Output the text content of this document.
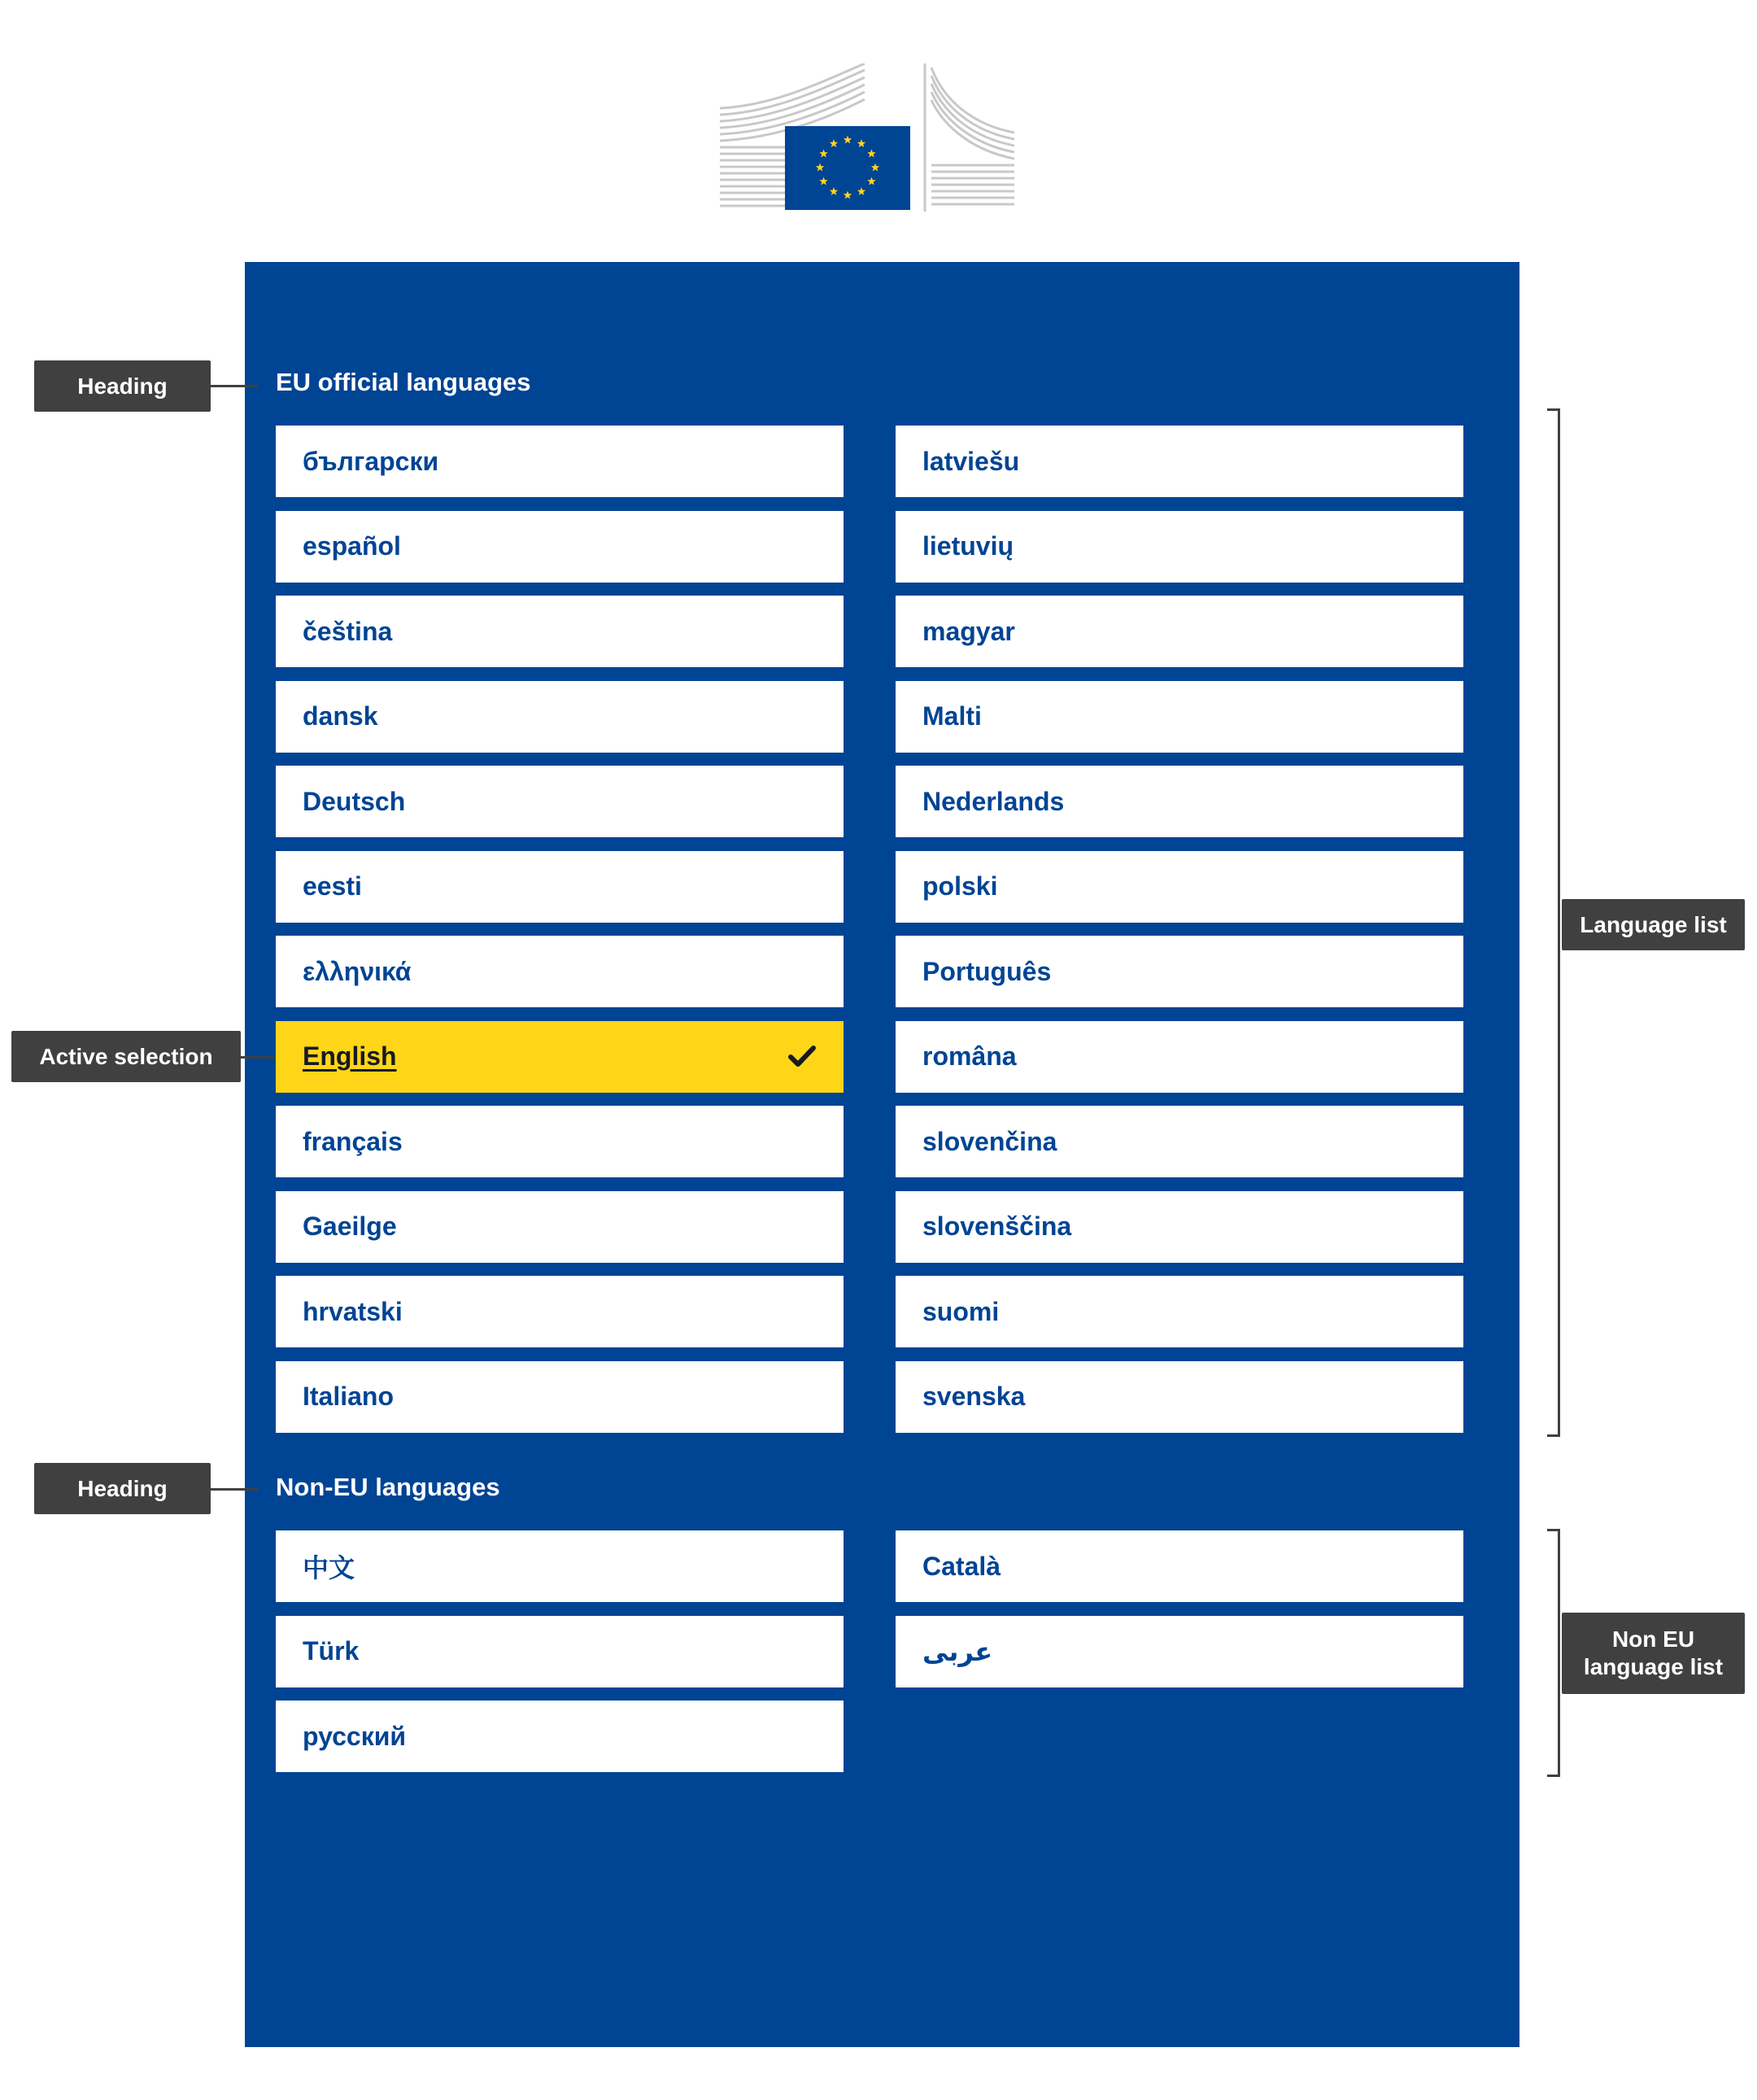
EU official languages
български
español
čeština
dansk
Deutsch
eesti
ελληνικά
English
français
Gaeilge
hrvatski
Italiano
latviešu
lietuvių
magyar
Malti
Nederlands
polski
Português
româna
slovenčina
slovenščina
suomi
svenska
Non-EU languages
中文
Türk
русский
Català
عربى
Heading
Active selection
Heading
Language list
Non EU
language list
